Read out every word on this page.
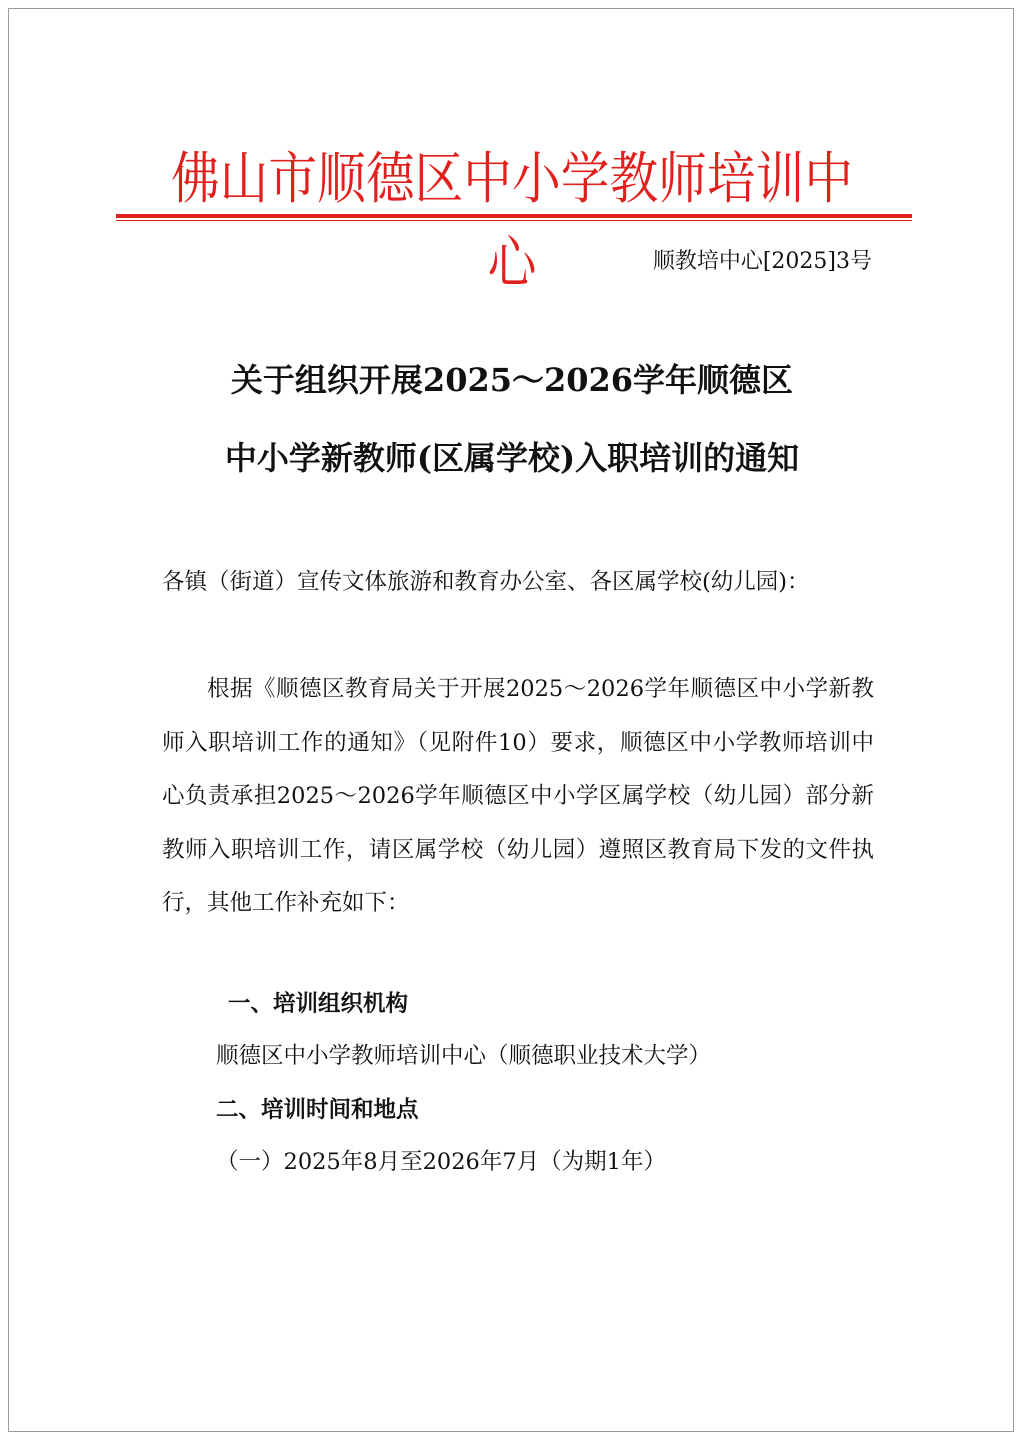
佛山市顺德区中小学教师培训中心	顺教培中心[2025]3号
关于组织开展2025～2026学年顺德区
中小学新教师(区属学校)入职培训的通知
各镇（街道）宣传文体旅游和教育办公室、各区属学校(幼儿园)：
根据《顺德区教育局关于开展2025～2026学年顺德区中小学新教师入职培训工作的通知》（见附件10）要求，顺德区中小学教师培训中心负责承担2025～2026学年顺德区中小学区属学校（幼儿园）部分新教师入职培训工作，请区属学校（幼儿园）遵照区教育局下发的文件执行，其他工作补充如下：
一、培训组织机构
顺德区中小学教师培训中心（顺德职业技术大学）
二、培训时间和地点
（一）2025年8月至2026年7月（为期1年）
